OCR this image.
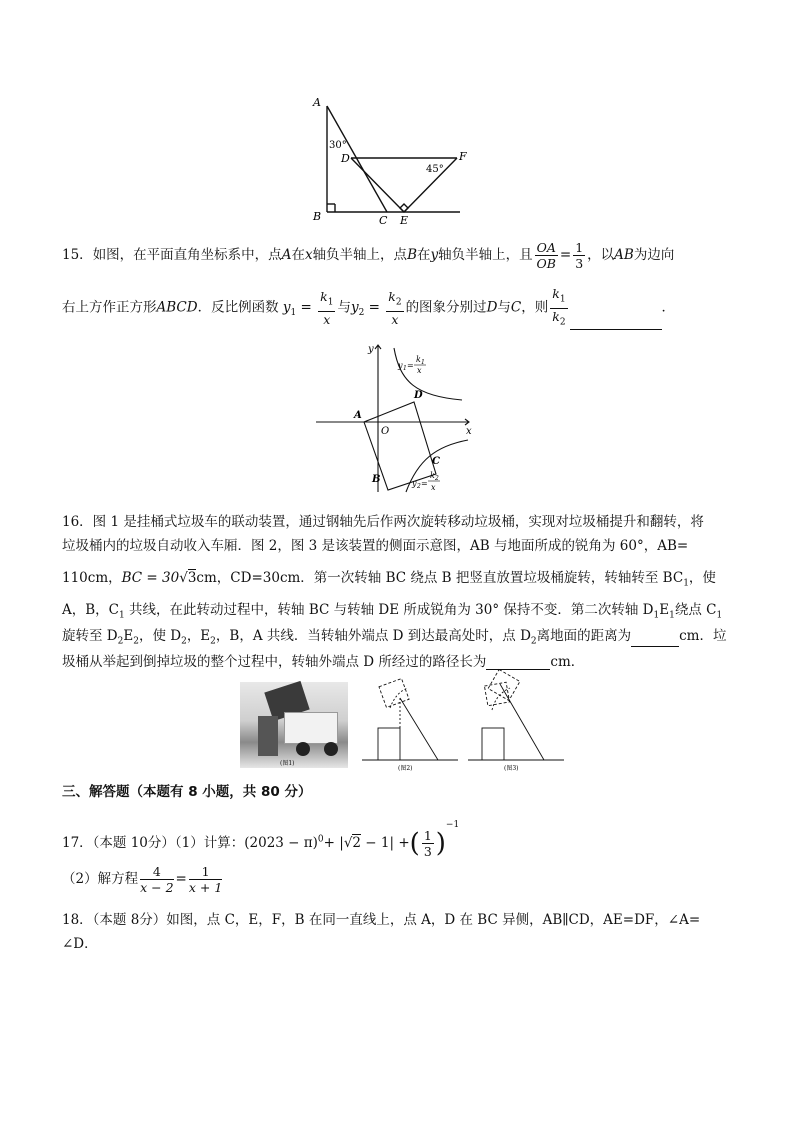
A
30°
D
45°
F
B	C E
15．如图，在平面直角坐标系中，点A在x轴负半轴上，点B在y轴负半轴上，且 $\frac{OA}{OB} = \frac{1}{3}$ ，以AB为边向
右上方作正方形ABCD．反比例函数 $y_1 = \frac{k_1}{x}$ 与$y_2 = \frac{k_2}{x}$ 的图象分别过D与C，则 $\frac{k_1}{k_2}$	．
y
x
O
A
B
C
D
y 1 =
k 1
x
y 2 =
k 2
x
16．图 1 是挂桶式垃圾车的联动装置，通过钢轴先后作两次旋转移动垃圾桶，实现对垃圾桶提升和翻转，将
垃圾桶内的垃圾自动收入车厢．图 2，图 3 是该装置的侧面示意图，AB 与地面所成的锐角为 60°，AB=
110cm，BC = 30√3cm，CD=30cm．第一次转轴 BC 绕点 B 把竖直放置垃圾桶旋转，转轴转至 $BC_1$，使
A，B，$C_1$ 共线，在此转动过程中，转轴 BC 与转轴 DE 所成锐角为 30° 保持不变．第二次转轴 $D_1E_1$绕点 $C_1$
旋转至 $D_2E_2$，使 $D_2$，$E_2$，B，A 共线．当转轴外端点 D 到达最高处时，点 $D_2$离地面的距离为	cm．垃
圾桶从举起到倒掉垃圾的整个过程中，转轴外端点 D 所经过的路径长为	cm．
(图1)
(图2)	(图3)
三、解答题（本题有 8 小题，共 80 分）
17．（本题 10分）（1）计算：$(2023 - \pi)^0+ |√2 - 1|$ +( $\frac{1}{3} )^{-1}$
（2）解方程 $\frac{4}{x - 2} = \frac{1}{x + 1}$
18．（本题 8分）如图，点 C，E，F，B 在同一直线上，点 A，D 在 BC 异侧，AB∥CD，AE=DF，∠A=
∠D．
